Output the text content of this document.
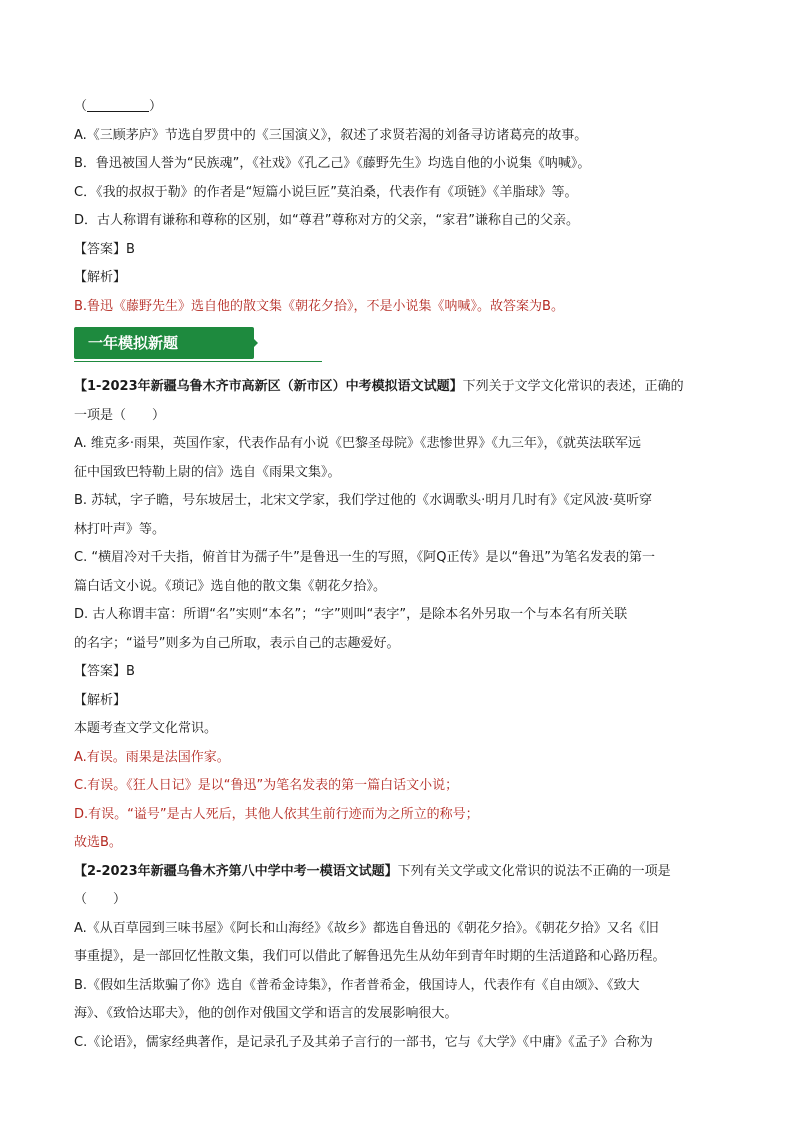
（	）
A.《三顾茅庐》节选自罗贯中的《三国演义》，叙述了求贤若渴的刘备寻访诸葛亮的故事。
B．鲁迅被国人誉为“民族魂”，《社戏》《孔乙己》《藤野先生》均选自他的小说集《呐喊》。
C．《我的叔叔于勒》的作者是“短篇小说巨匠”莫泊桑，代表作有《项链》《羊脂球》等。
D．古人称谓有谦称和尊称的区别，如“尊君”尊称对方的父亲，“家君”谦称自己的父亲。
【答案】B
【解析】
B.鲁迅《藤野先生》选自他的散文集《朝花夕拾》，不是小说集《呐喊》。故答案为B。
一年模拟新题
【1-2023年新疆乌鲁木齐市高新区（新市区）中考模拟语文试题】下列关于文学文化常识的表述，正确的
一项是（　　）
A. 维克多·雨果，英国作家，代表作品有小说《巴黎圣母院》《悲惨世界》《九三年》，《就英法联军远
征中国致巴特勒上尉的信》选自《雨果文集》。
B. 苏轼，字子瞻，号东坡居士，北宋文学家，我们学过他的《水调歌头·明月几时有》《定风波·莫听穿
林打叶声》等。
C. “横眉冷对千夫指，俯首甘为孺子牛”是鲁迅一生的写照，《阿Q正传》是以“鲁迅”为笔名发表的第一
篇白话文小说。《琐记》选自他的散文集《朝花夕拾》。
D. 古人称谓丰富：所谓“名”实则“本名”；“字”则叫“表字”，是除本名外另取一个与本名有所关联
的名字；“谥号”则多为自己所取，表示自己的志趣爱好。
【答案】B
【解析】
本题考查文学文化常识。
A.有误。雨果是法国作家。
C.有误。《狂人日记》是以“鲁迅”为笔名发表的第一篇白话文小说；
D.有误。“谥号”是古人死后，其他人依其生前行迹而为之所立的称号；
故选B。
【2-2023年新疆乌鲁木齐第八中学中考一模语文试题】下列有关文学或文化常识的说法不正确的一项是
（　　）
A.《从百草园到三味书屋》《阿长和山海经》《故乡》都选自鲁迅的《朝花夕拾》。《朝花夕拾》又名《旧
事重提》，是一部回忆性散文集，我们可以借此了解鲁迅先生从幼年到青年时期的生活道路和心路历程。
B.《假如生活欺骗了你》选自《普希金诗集》，作者普希金，俄国诗人，代表作有《自由颂》、《致大
海》、《致恰达耶夫》，他的创作对俄国文学和语言的发展影响很大。
C.《论语》，儒家经典著作，是记录孔子及其弟子言行的一部书，它与《大学》《中庸》《孟子》合称为
